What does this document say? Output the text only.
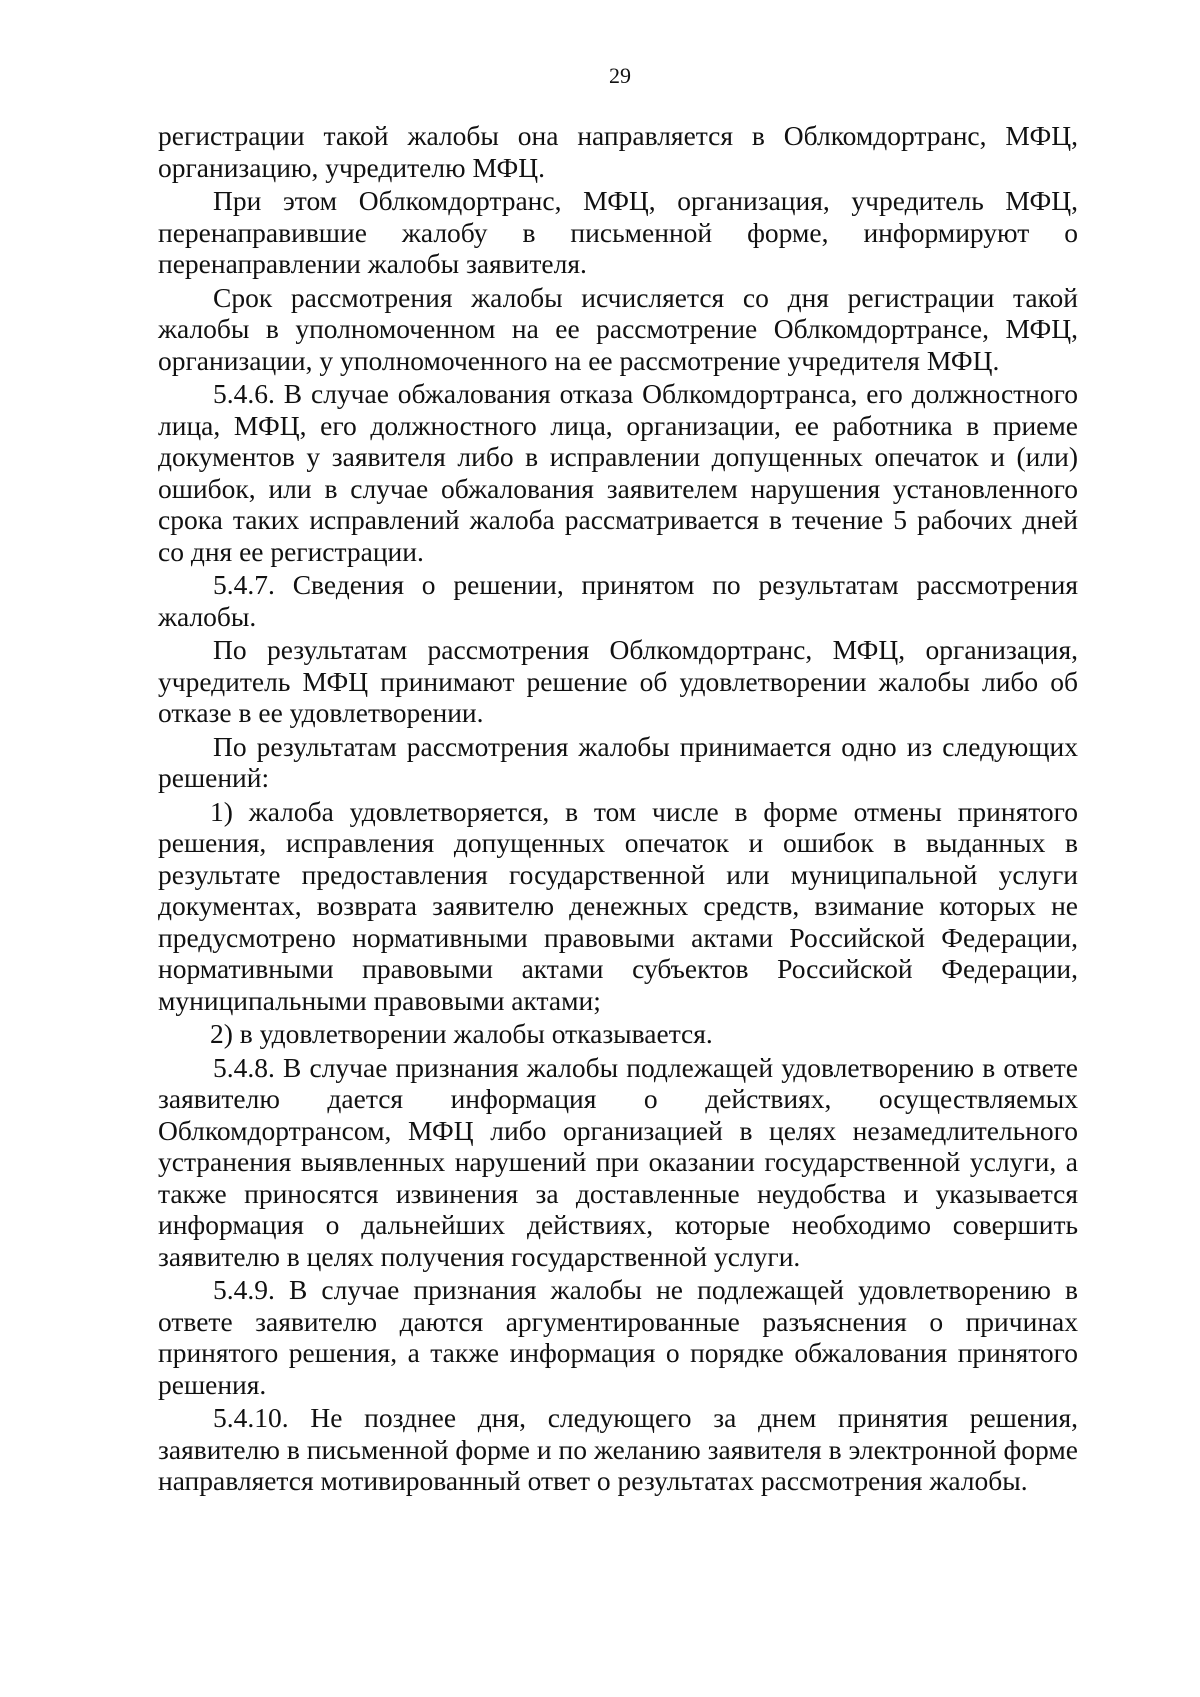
29

регистрации такой жалобы она направляется в Облкомдортранс, МФЦ, организацию, учредителю МФЦ.

При этом Облкомдортранс, МФЦ, организация, учредитель МФЦ, перенаправившие жалобу в письменной форме, информируют о перенаправлении жалобы заявителя.

Срок рассмотрения жалобы исчисляется со дня регистрации такой жалобы в уполномоченном на ее рассмотрение Облкомдортрансе, МФЦ, организации, у уполномоченного на ее рассмотрение учредителя МФЦ.

5.4.6. В случае обжалования отказа Облкомдортранса, его должностного лица, МФЦ, его должностного лица, организации, ее работника в приеме документов у заявителя либо в исправлении допущенных опечаток и (или) ошибок, или в случае обжалования заявителем нарушения установленного срока таких исправлений жалоба рассматривается в течение 5 рабочих дней со дня ее регистрации.

5.4.7. Сведения о решении, принятом по результатам рассмотрения жалобы.

По результатам рассмотрения Облкомдортранс, МФЦ, организация, учредитель МФЦ принимают решение об удовлетворении жалобы либо об отказе в ее удовлетворении.

По результатам рассмотрения жалобы принимается одно из следующих решений:

1) жалоба удовлетворяется, в том числе в форме отмены принятого решения, исправления допущенных опечаток и ошибок в выданных в результате предоставления государственной или муниципальной услуги документах, возврата заявителю денежных средств, взимание которых не предусмотрено нормативными правовыми актами Российской Федерации, нормативными правовыми актами субъектов Российской Федерации, муниципальными правовыми актами;

2) в удовлетворении жалобы отказывается.

5.4.8. В случае признания жалобы подлежащей удовлетворению в ответе заявителю дается информация о действиях, осуществляемых Облкомдортрансом, МФЦ либо организацией в целях незамедлительного устранения выявленных нарушений при оказании государственной услуги, а также приносятся извинения за доставленные неудобства и указывается информация о дальнейших действиях, которые необходимо совершить заявителю в целях получения государственной услуги.

5.4.9. В случае признания жалобы не подлежащей удовлетворению в ответе заявителю даются аргументированные разъяснения о причинах принятого решения, а также информация о порядке обжалования принятого решения.

5.4.10. Не позднее дня, следующего за днем принятия решения, заявителю в письменной форме и по желанию заявителя в электронной форме направляется мотивированный ответ о результатах рассмотрения жалобы.
